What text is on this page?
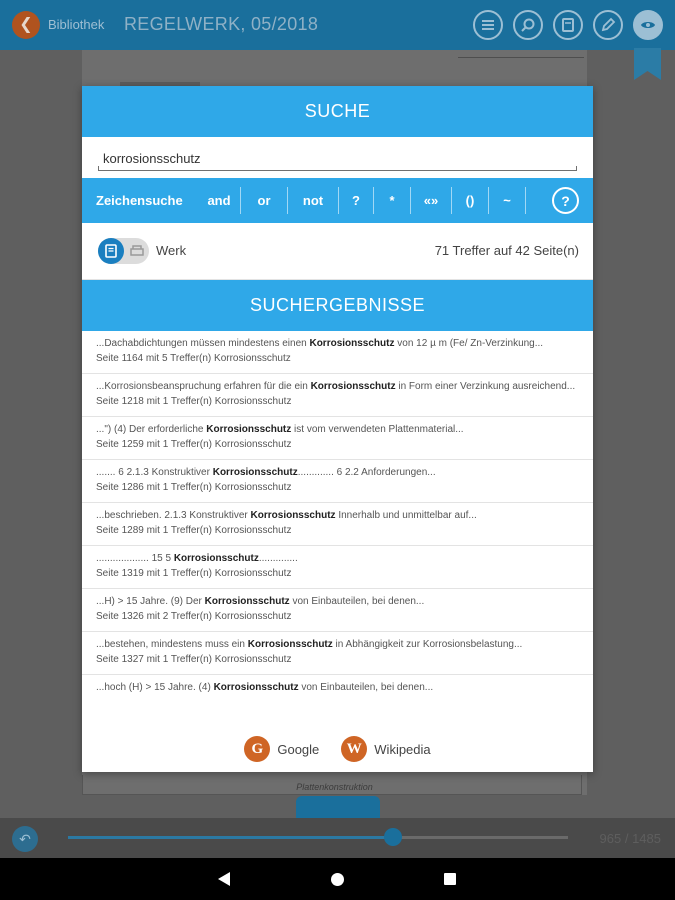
❮	Bibliothek REGELWERK, 05/2018
Plattenkonstruktion
↶	965 / 1485
SUCHE
korrosionsschutz
Zeichensuche	and	or	not	?	*	«»	()	~	?
Werk	71 Treffer auf 42 Seite(n)
SUCHERGEBNISSE
...Dachabdichtungen müssen mindestens einen Korrosionsschutz von 12 µ m (Fe/ Zn-Verzinkung...
Seite 1164 mit 5 Treffer(n) Korrosionsschutz
...Korrosionsbeanspruchung erfahren für die ein Korrosionsschutz in Form einer Verzinkung ausreichend...
Seite 1218 mit 1 Treffer(n) Korrosionsschutz
...") (4) Der erforderliche Korrosionsschutz ist vom verwendeten Plattenmaterial...
Seite 1259 mit 1 Treffer(n) Korrosionsschutz
....... 6 2.1.3 Konstruktiver Korrosionsschutz............. 6 2.2 Anforderungen...
Seite 1286 mit 1 Treffer(n) Korrosionsschutz
...beschrieben. 2.1.3 Konstruktiver Korrosionsschutz Innerhalb und unmittelbar auf...
Seite 1289 mit 1 Treffer(n) Korrosionsschutz
................... 15 5 Korrosionsschutz..............
Seite 1319 mit 1 Treffer(n) Korrosionsschutz
...H) > 15 Jahre. (9) Der Korrosionsschutz von Einbauteilen, bei denen...
Seite 1326 mit 2 Treffer(n) Korrosionsschutz
...bestehen, mindestens muss ein Korrosionsschutz in Abhängigkeit zur Korrosionsbelastung...
Seite 1327 mit 1 Treffer(n) Korrosionsschutz
...hoch (H) > 15 Jahre. (4) Korrosionsschutz von Einbauteilen, bei denen...
G	Google	W Wikipedia
